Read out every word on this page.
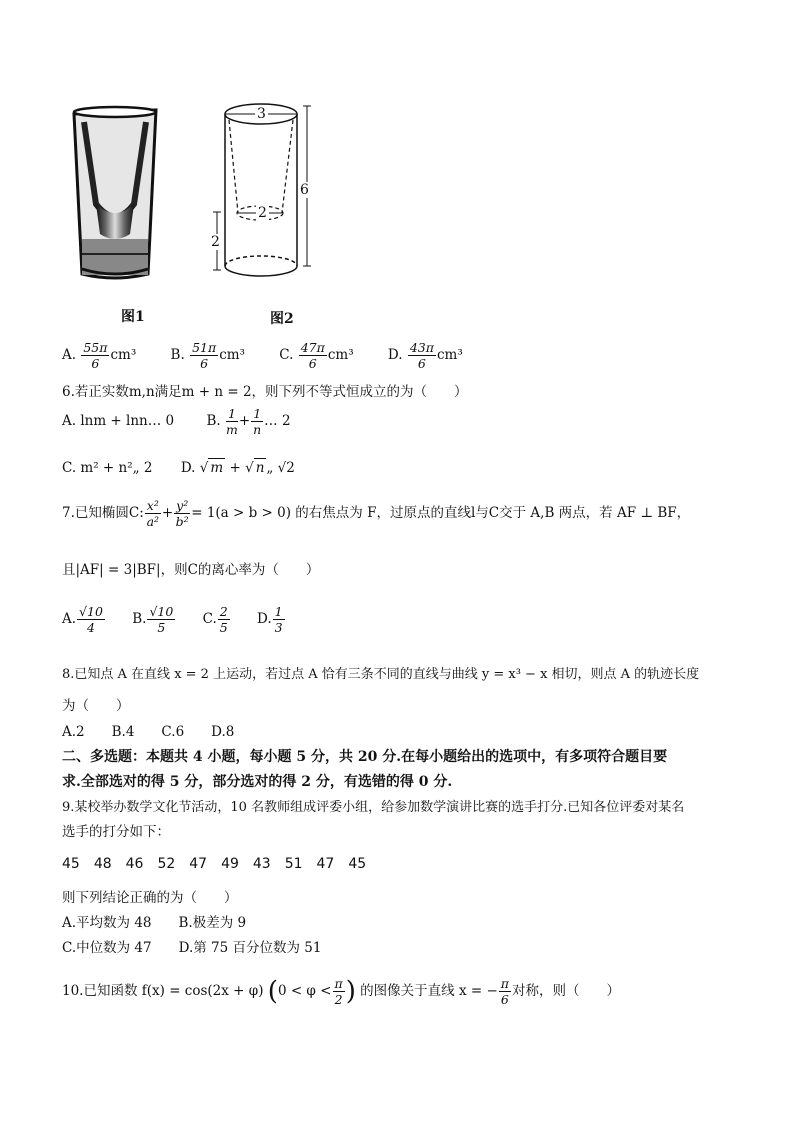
图1
3
2
6
2
图2
A. $\frac{55\pi}{6} cm^3$	B. $\frac{51\pi}{6} cm^3$	C. $\frac{47\pi}{6} cm^3$	D. $\frac{43\pi}{6} cm^3$
6.若正实数m,n满足m + n = 2，则下列不等式恒成立的为（　　）
A. lnm + lnn… 0 B. $\frac{1}{m} + \frac{1}{n}$ … 2
C. m² + n²„ 2 D. √ m + √ n „ √2
7.已知椭圆C: $\frac{\text{x²}}{\text{a²}} + \frac{\text{y²}}{\text{b²}} = 1(a > b > 0)$ 的右焦点为 F，过原点的直线l与C交于 A,B 两点，若 AF ⊥ BF，
且|AF| = 3|BF|，则C的离心率为（　　）
A. $\frac{√10}{4} B$. $\frac{√10}{5} C$. $\frac{2}{5} D$. $\frac{1}{3}$
8.已知点 A 在直线 x = 2 上运动，若过点 A 恰有三条不同的直线与曲线 y = x³ − x 相切，则点 A 的轨迹长度
为（　　）
A.2　　B.4　　C.6　　D.8
二、多选题：本题共 4 小题，每小题 5 分，共 20 分.在每小题给出的选项中，有多项符合题目要
求.全部选对的得 5 分，部分选对的得 2 分，有选错的得 0 分.
9.某校举办数学文化节活动，10 名教师组成评委小组，给参加数学演讲比赛的选手打分.已知各位评委对某名
选手的打分如下：
45　48　46　52　47　49　43　51　47　45
则下列结论正确的为（　　）
A.平均数为 48　　B.极差为 9
C.中位数为 47　　D.第 75 百分位数为 51
10.已知函数 f(x) = cos(2x + φ) ($0 < \varphi < \frac{\pi}{2}$ ) 的图像关于直线 x = − $\frac{\pi}{6}$ 对称，则（　　）
